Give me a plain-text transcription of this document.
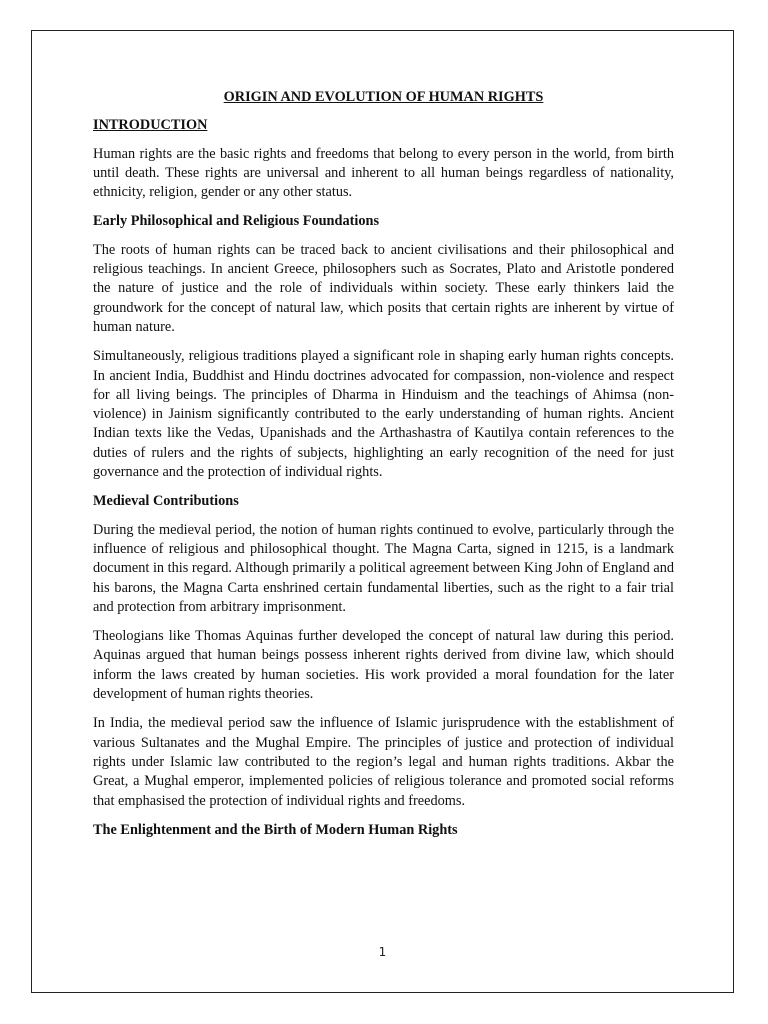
ORIGIN AND EVOLUTION OF HUMAN RIGHTS
INTRODUCTION

Human rights are the basic rights and freedoms that belong to every person in the world, from birth until death. These rights are universal and inherent to all human beings regardless of nationality, ethnicity, religion, gender or any other status.

Early Philosophical and Religious Foundations

The roots of human rights can be traced back to ancient civilisations and their philosophical and religious teachings. In ancient Greece, philosophers such as Socrates, Plato and Aristotle pondered the nature of justice and the role of individuals within society. These early thinkers laid the groundwork for the concept of natural law, which posits that certain rights are inherent by virtue of human nature.

Simultaneously, religious traditions played a significant role in shaping early human rights concepts. In ancient India, Buddhist and Hindu doctrines advocated for compassion, non-violence and respect for all living beings. The principles of Dharma in Hinduism and the teachings of Ahimsa (non-violence) in Jainism significantly contributed to the early understanding of human rights. Ancient Indian texts like the Vedas, Upanishads and the Arthashastra of Kautilya contain references to the duties of rulers and the rights of subjects, highlighting an early recognition of the need for just governance and the protection of individual rights.

Medieval Contributions

During the medieval period, the notion of human rights continued to evolve, particularly through the influence of religious and philosophical thought. The Magna Carta, signed in 1215, is a landmark document in this regard. Although primarily a political agreement between King John of England and his barons, the Magna Carta enshrined certain fundamental liberties, such as the right to a fair trial and protection from arbitrary imprisonment.

Theologians like Thomas Aquinas further developed the concept of natural law during this period. Aquinas argued that human beings possess inherent rights derived from divine law, which should inform the laws created by human societies. His work provided a moral foundation for the later development of human rights theories.

In India, the medieval period saw the influence of Islamic jurisprudence with the establishment of various Sultanates and the Mughal Empire. The principles of justice and protection of individual rights under Islamic law contributed to the region’s legal and human rights traditions. Akbar the Great, a Mughal emperor, implemented policies of religious tolerance and promoted social reforms that emphasised the protection of individual rights and freedoms.

The Enlightenment and the Birth of Modern Human Rights
1
